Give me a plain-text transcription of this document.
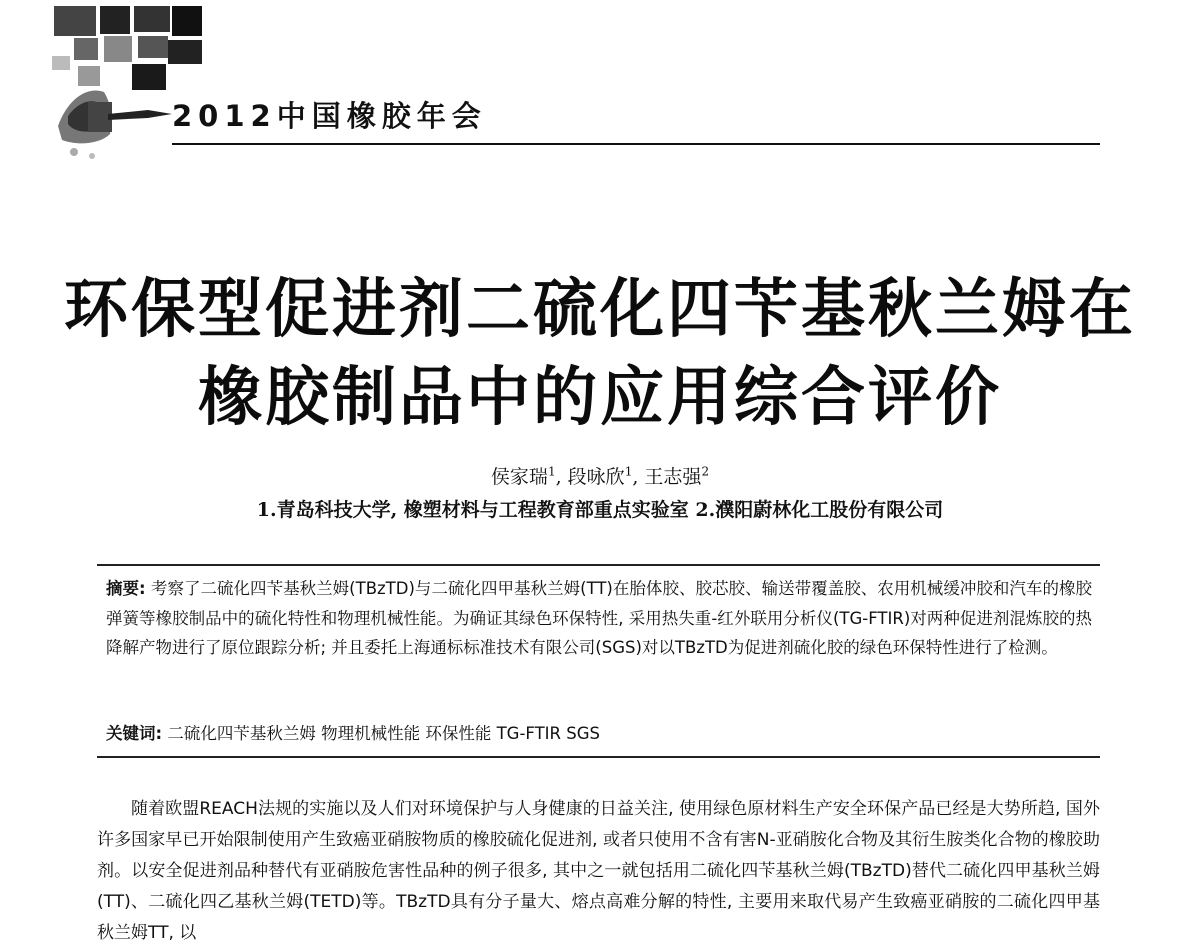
2012中国橡胶年会
环保型促进剂二硫化四苄基秋兰姆在
橡胶制品中的应用综合评价
侯家瑞$^1$, 段咏欣$^1$, 王志强$^2$
1.青岛科技大学, 橡塑材料与工程教育部重点实验室 2.濮阳蔚林化工股份有限公司
摘要: 考察了二硫化四苄基秋兰姆(TBzTD)与二硫化四甲基秋兰姆(TT)在胎体胶、胶芯胶、输送带覆盖胶、农用机械缓冲胶和汽车的橡胶弹簧等橡胶制品中的硫化特性和物理机械性能。为确证其绿色环保特性, 采用热失重-红外联用分析仪(TG-FTIR)对两种促进剂混炼胶的热降解产物进行了原位跟踪分析; 并且委托上海通标标准技术有限公司(SGS)对以TBzTD为促进剂硫化胶的绿色环保特性进行了检测。
关键词: 二硫化四苄基秋兰姆 物理机械性能 环保性能 TG-FTIR SGS
随着欧盟REACH法规的实施以及人们对环境保护与人身健康的日益关注, 使用绿色原材料生产安全环保产品已经是大势所趋, 国外许多国家早已开始限制使用产生致癌亚硝胺物质的橡胶硫化促进剂, 或者只使用不含有害N-亚硝胺化合物及其衍生胺类化合物的橡胶助剂。以安全促进剂品种替代有亚硝胺危害性品种的例子很多, 其中之一就包括用二硫化四苄基秋兰姆(TBzTD)替代二硫化四甲基秋兰姆(TT)、二硫化四乙基秋兰姆(TETD)等。TBzTD具有分子量大、熔点高难分解的特性, 主要用来取代易产生致癌亚硝胺的二硫化四甲基秋兰姆TT, 以
